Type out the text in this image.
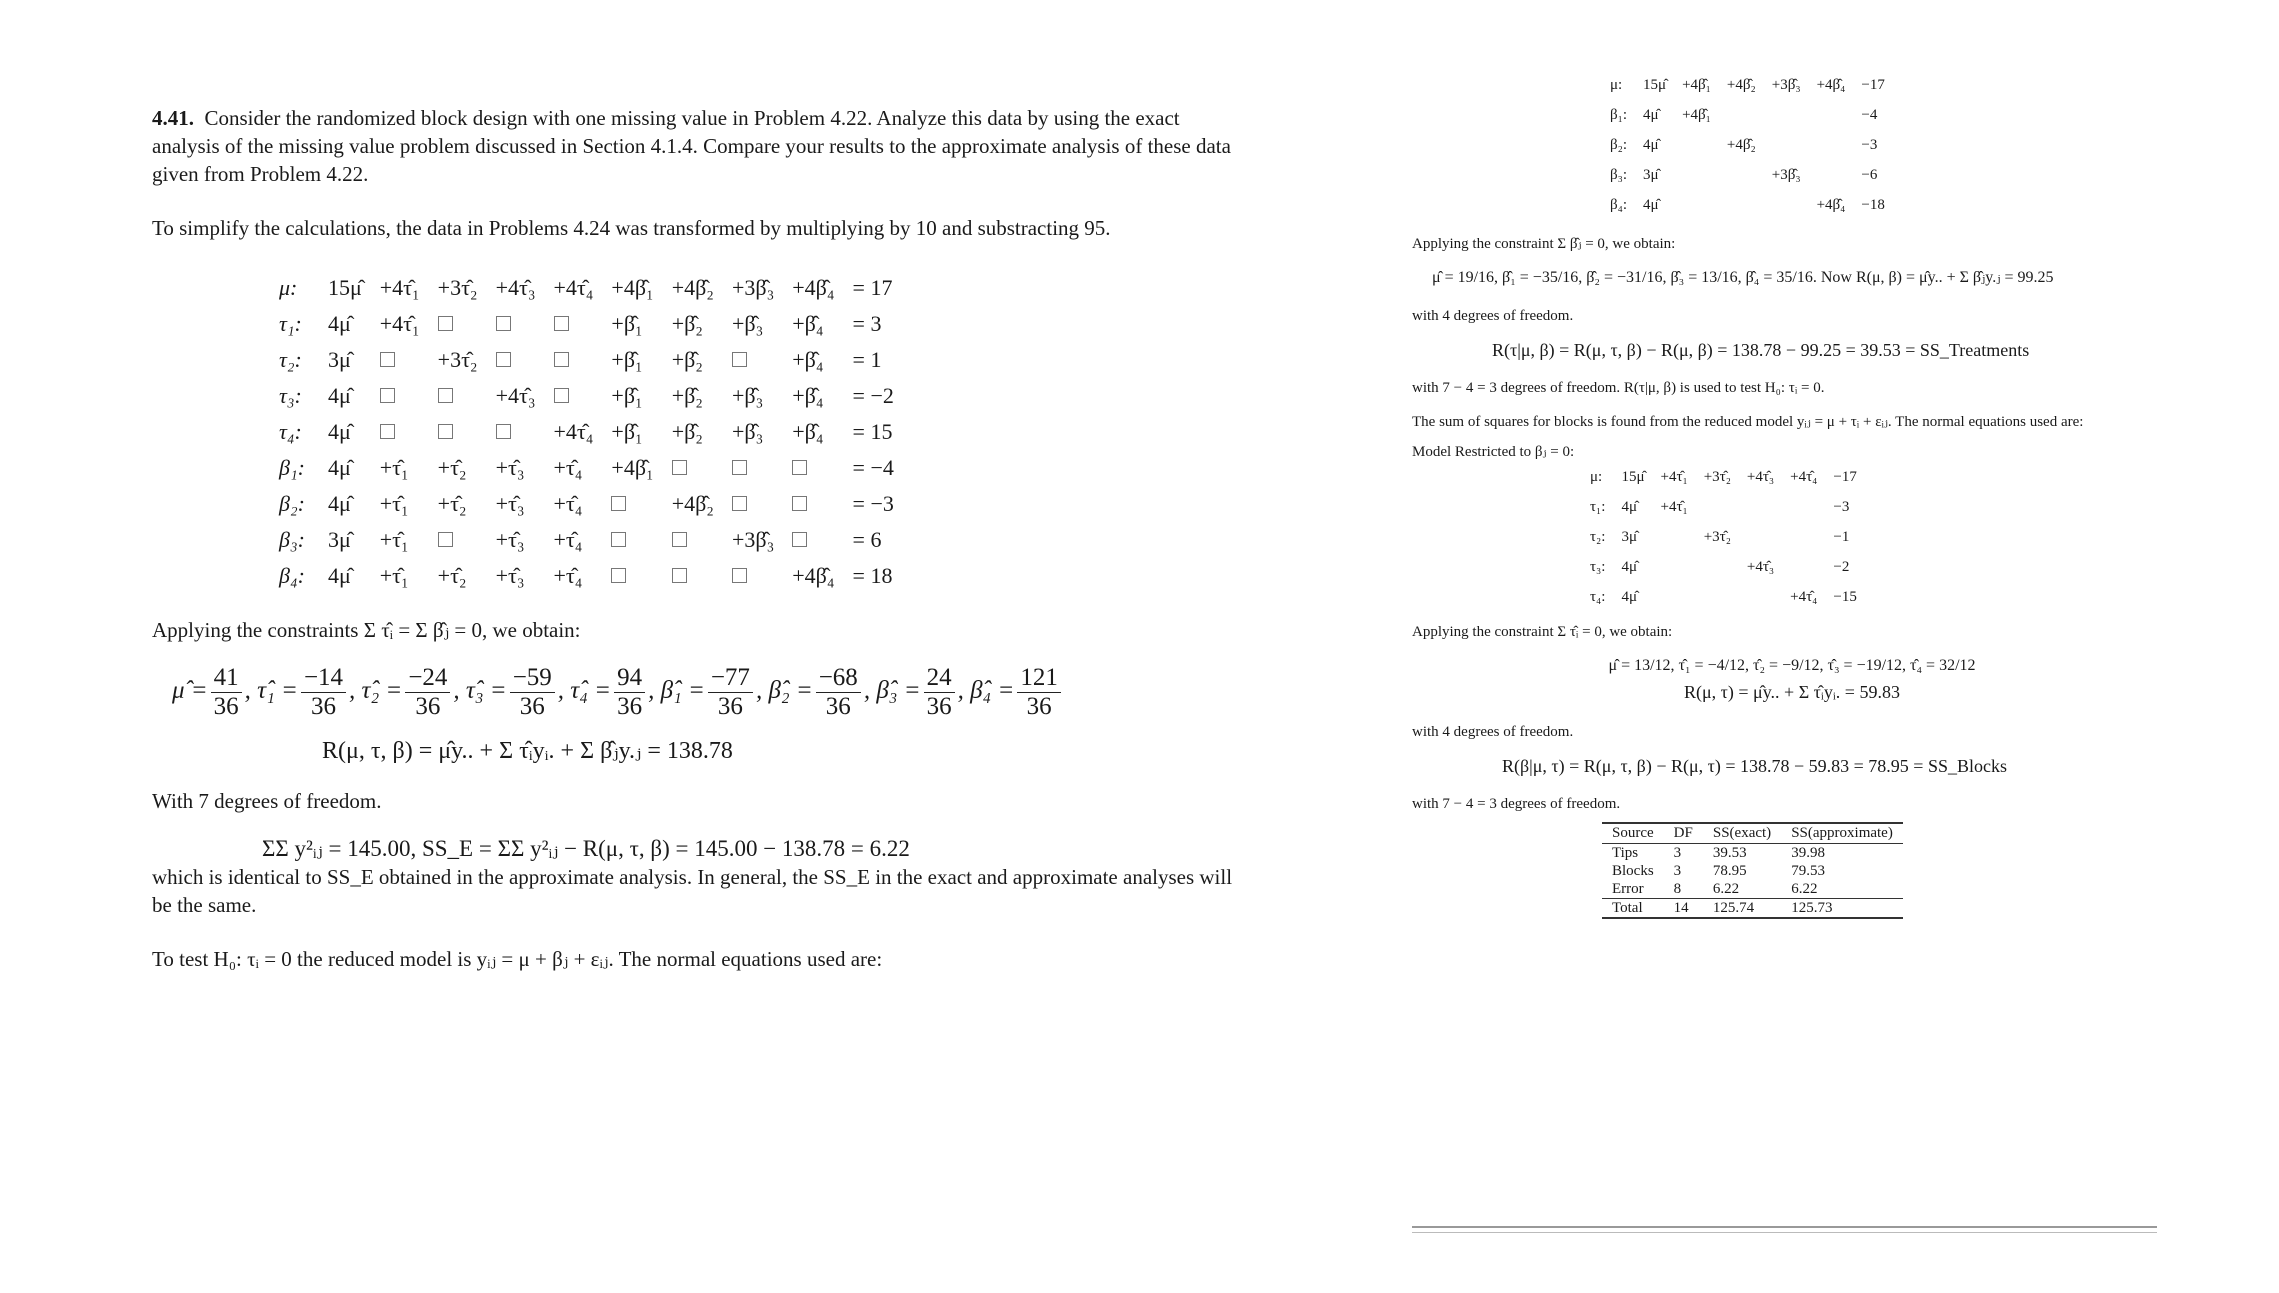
4.41. Consider the randomized block design with one missing value in Problem 4.22. Analyze this data by using the exact analysis of the missing value problem discussed in Section 4.1.4. Compare your results to the approximate analysis of these data given from Problem 4.22.

To simplify the calculations, the data in Problems 4.24 was transformed by multiplying by 10 and substracting 95.

μ:	15μ̂	+4τ̂₁	+3τ̂₂	+4τ̂₃	+4τ̂₄	+4β̂₁	+4β̂₂	+3β̂₃	+4β̂₄	= 17
τ₁:	4μ̂	+4τ̂₁				+β̂₁	+β̂₂	+β̂₃	+β̂₄	= 3
τ₂:	3μ̂		+3τ̂₂			+β̂₁	+β̂₂		+β̂₄	= 1
τ₃:	4μ̂			+4τ̂₃		+β̂₁	+β̂₂	+β̂₃	+β̂₄	= −2
τ₄:	4μ̂				+4τ̂₄	+β̂₁	+β̂₂	+β̂₃	+β̂₄	= 15
β₁:	4μ̂	+τ̂₁	+τ̂₂	+τ̂₃	+τ̂₄	+4β̂₁				= −4
β₂:	4μ̂	+τ̂₁	+τ̂₂	+τ̂₃	+τ̂₄		+4β̂₂			= −3
β₃:	3μ̂	+τ̂₁		+τ̂₃	+τ̂₄			+3β̂₃		= 6
β₄:	4μ̂	+τ̂₁	+τ̂₂	+τ̂₃	+τ̂₄				+4β̂₄	= 18

Applying the constraints Σ τ̂ᵢ = Σ β̂ⱼ = 0, we obtain:

μ̂ = $\frac{41}{36}$ , τ̂₁ = $\frac{-14}{36}$ , τ̂₂ = $\frac{-24}{36}$ , τ̂₃ = $\frac{-59}{36}$ , τ̂₄ = $\frac{94}{36}$ , β̂₁ = $\frac{-77}{36}$ , β̂₂ = $\frac{-68}{36}$ , β̂₃ = $\frac{24}{36}$ , β̂₄ = $\frac{121}{36}$

R(μ, τ, β) = μ̂y.. + Σ τ̂ᵢyᵢ. + Σ β̂ⱼy.ⱼ = 138.78

With 7 degrees of freedom.

ΣΣ y²ᵢⱼ = 145.00, SS_E = ΣΣ y²ᵢⱼ − R(μ, τ, β) = 145.00 − 138.78 = 6.22

which is identical to SS_E obtained in the approximate analysis. In general, the SS_E in the exact and approximate analyses will be the same.

To test H₀: τᵢ = 0 the reduced model is yᵢⱼ = μ + βⱼ + εᵢⱼ. The normal equations used are:

μ:	15μ̂	+4β̂₁	+4β̂₂	+3β̂₃	+4β̂₄	−17
β₁:	4μ̂	+4β̂₁				−4
β₂:	4μ̂		+4β̂₂			−3
β₃:	3μ̂			+3β̂₃		−6
β₄:	4μ̂				+4β̂₄	−18

Applying the constraint Σ β̂ⱼ = 0, we obtain:

μ̂ = 19/16, β̂₁ = −35/16, β̂₂ = −31/16, β̂₃ = 13/16, β̂₄ = 35/16. Now R(μ, β) = μ̂y.. + Σ β̂ⱼy.ⱼ = 99.25

with 4 degrees of freedom.

R(τ|μ, β) = R(μ, τ, β) − R(μ, β) = 138.78 − 99.25 = 39.53 = SS_Treatments

with 7 − 4 = 3 degrees of freedom. R(τ|μ, β) is used to test H₀: τᵢ = 0.

The sum of squares for blocks is found from the reduced model yᵢⱼ = μ + τᵢ + εᵢⱼ. The normal equations used are:

Model Restricted to βⱼ = 0:

μ:	15μ̂	+4τ̂₁	+3τ̂₂	+4τ̂₃	+4τ̂₄	−17
τ₁:	4μ̂	+4τ̂₁				−3
τ₂:	3μ̂		+3τ̂₂			−1
τ₃:	4μ̂			+4τ̂₃		−2
τ₄:	4μ̂				+4τ̂₄	−15

Applying the constraint Σ τ̂ᵢ = 0, we obtain:

μ̂ = 13/12, τ̂₁ = −4/12, τ̂₂ = −9/12, τ̂₃ = −19/12, τ̂₄ = 32/12

R(μ, τ) = μ̂y.. + Σ τ̂ᵢyᵢ. = 59.83

with 4 degrees of freedom.

R(β|μ, τ) = R(μ, τ, β) − R(μ, τ) = 138.78 − 59.83 = 78.95 = SS_Blocks

with 7 − 4 = 3 degrees of freedom.

Source	DF	SS(exact)	SS(approximate)
Tips	3	39.53	39.98
Blocks	3	78.95	79.53
Error	8	6.22	6.22
Total	14	125.74	125.73
